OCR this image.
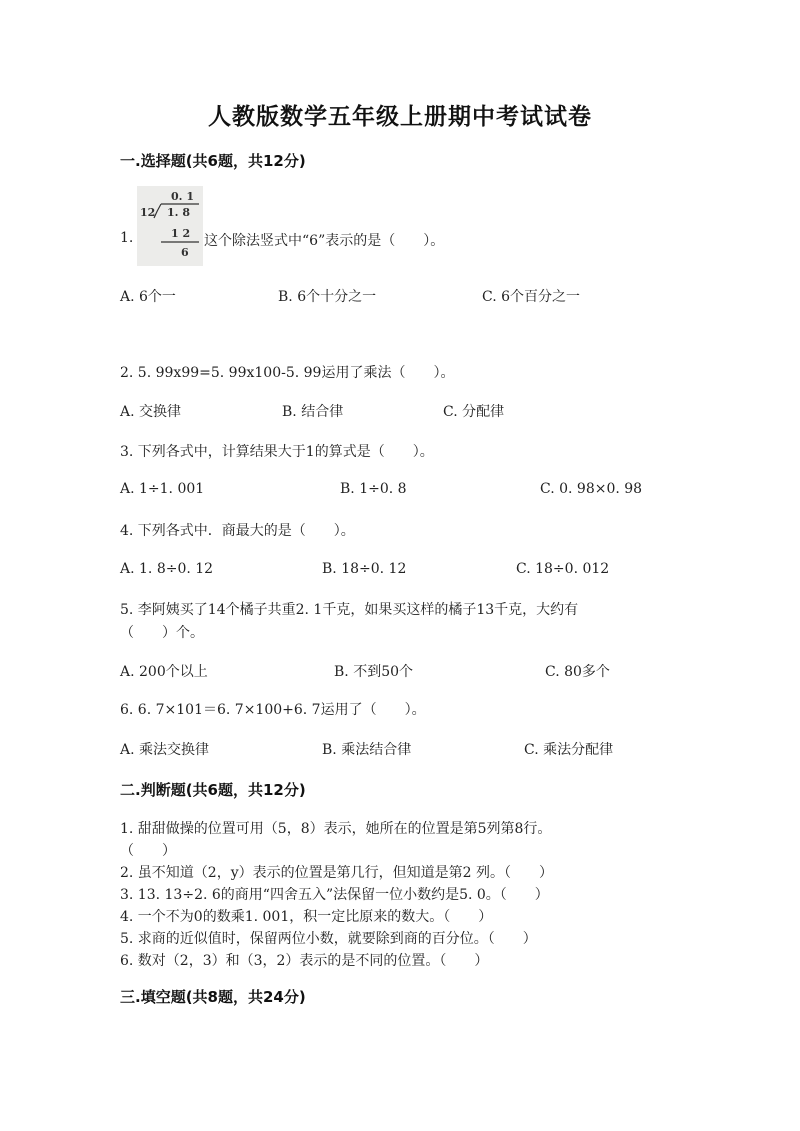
人教版数学五年级上册期中考试试卷
一.选择题(共6题，共12分)
1.
0. 1
12 1. 8
1 2
6
这个除法竖式中“6”表示的是（　　）。
A. 6个一	B. 6个十分之一	C. 6个百分之一
2. 5. 99x99=5. 99x100-5. 99运用了乘法（　　）。
A. 交换律	B. 结合律	C. 分配律
3. 下列各式中，计算结果大于1的算式是（　　）。
A. 1÷1. 001	B. 1÷0. 8	C. 0. 98×0. 98
4. 下列各式中．商最大的是（　　）。
A. 1. 8÷0. 12	B. 18÷0. 12	C. 18÷0. 012
5. 李阿姨买了14个橘子共重2. 1千克，如果买这样的橘子13千克，大约有
（　　）个。
A. 200个以上	B. 不到50个	C. 80多个
6. 6. 7×101＝6. 7×100+6. 7运用了（　　）。
A. 乘法交换律	B. 乘法结合律	C. 乘法分配律
二.判断题(共6题，共12分)
1. 甜甜做操的位置可用（5，8）表示，她所在的位置是第5列第8行。
（　　）
2. 虽不知道（2，y）表示的位置是第几行，但知道是第2 列。（　　）
3. 13. 13÷2. 6的商用“四舍五入”法保留一位小数约是5. 0。（　　）
4. 一个不为0的数乘1. 001，积一定比原来的数大。（　　）
5. 求商的近似值时，保留两位小数，就要除到商的百分位。（　　）
6. 数对（2，3）和（3，2）表示的是不同的位置。（　　）
三.填空题(共8题，共24分)
